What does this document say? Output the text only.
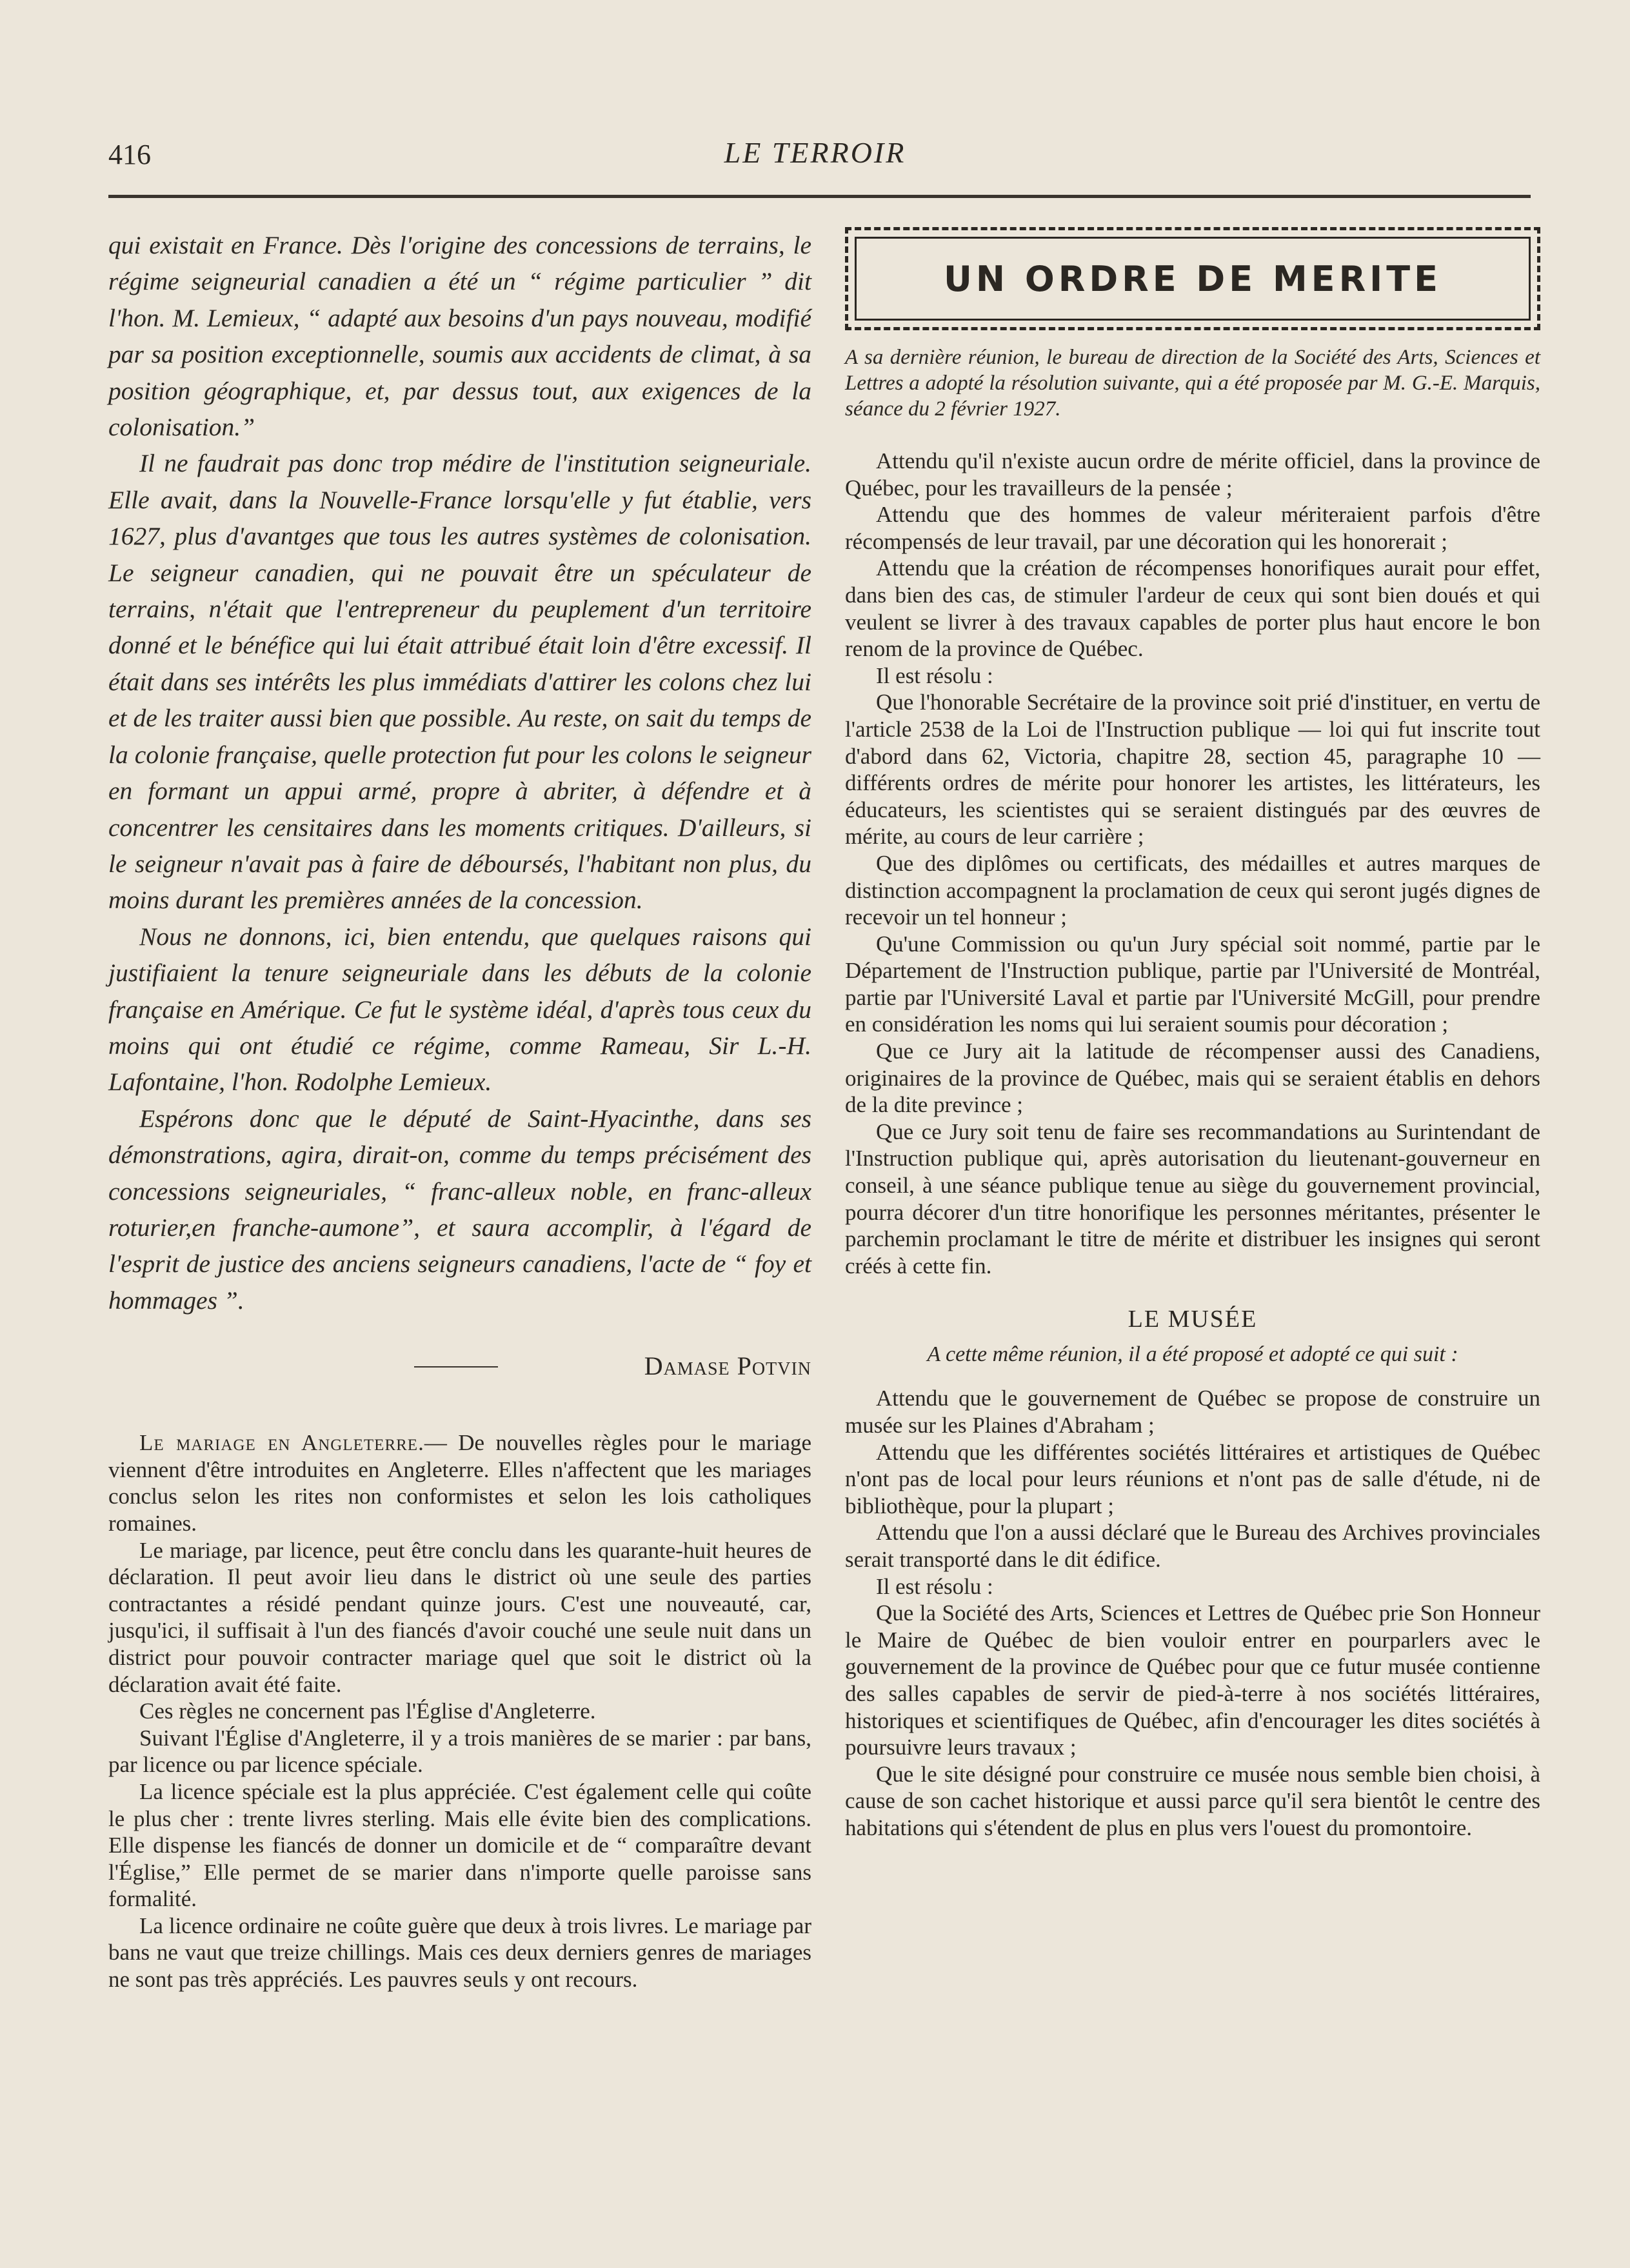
416	LE TERROIR

qui existait en France. Dès l'origine des concessions de terrains, le régime seigneurial canadien a été un “ régime particulier ” dit l'hon. M. Lemieux, “ adapté aux besoins d'un pays nouveau, modifié par sa position exceptionnelle, soumis aux accidents de climat, à sa position géographique, et, par dessus tout, aux exigences de la colonisation.”

Il ne faudrait pas donc trop médire de l'institution seigneuriale. Elle avait, dans la Nouvelle-France lorsqu'elle y fut établie, vers 1627, plus d'avantges que tous les autres systèmes de colonisation. Le seigneur canadien, qui ne pouvait être un spéculateur de terrains, n'était que l'entrepreneur du peuplement d'un territoire donné et le bénéfice qui lui était attribué était loin d'être excessif. Il était dans ses intérêts les plus immédiats d'attirer les colons chez lui et de les traiter aussi bien que possible. Au reste, on sait du temps de la colonie française, quelle protection fut pour les colons le seigneur en formant un appui armé, propre à abriter, à défendre et à concentrer les censitaires dans les moments critiques. D'ailleurs, si le seigneur n'avait pas à faire de déboursés, l'habitant non plus, du moins durant les premières années de la concession.

Nous ne donnons, ici, bien entendu, que quelques raisons qui justifiaient la tenure seigneuriale dans les débuts de la colonie française en Amérique. Ce fut le système idéal, d'après tous ceux du moins qui ont étudié ce régime, comme Rameau, Sir L.-H. Lafontaine, l'hon. Rodolphe Lemieux.

Espérons donc que le député de Saint-Hyacinthe, dans ses démonstrations, agira, dirait-on, comme du temps précisément des concessions seigneuriales, “ franc-alleux noble, en franc-alleux roturier,en franche-aumone”, et saura accomplir, à l'égard de l'esprit de justice des anciens seigneurs canadiens, l'acte de “ foy et hommages ”.

Damase Potvin

Le mariage en Angleterre.— De nouvelles règles pour le mariage viennent d'être introduites en Angleterre. Elles n'affectent que les mariages conclus selon les rites non conformistes et selon les lois catholiques romaines.

Le mariage, par licence, peut être conclu dans les quarante-huit heures de déclaration. Il peut avoir lieu dans le district où une seule des parties contractantes a résidé pendant quinze jours. C'est une nouveauté, car, jusqu'ici, il suffisait à l'un des fiancés d'avoir couché une seule nuit dans un district pour pouvoir contracter mariage quel que soit le district où la déclaration avait été faite.

Ces règles ne concernent pas l'Église d'Angleterre.

Suivant l'Église d'Angleterre, il y a trois manières de se marier : par bans, par licence ou par licence spéciale.

La licence spéciale est la plus appréciée. C'est également celle qui coûte le plus cher : trente livres sterling. Mais elle évite bien des complications. Elle dispense les fiancés de donner un domicile et de “ comparaître devant l'Église,” Elle permet de se marier dans n'importe quelle paroisse sans formalité.

La licence ordinaire ne coûte guère que deux à trois livres. Le mariage par bans ne vaut que treize chillings. Mais ces deux derniers genres de mariages ne sont pas très appréciés. Les pauvres seuls y ont recours.

UN ORDRE DE MERITE

A sa dernière réunion, le bureau de direction de la Société des Arts, Sciences et Lettres a adopté la résolution suivante, qui a été proposée par M. G.-E. Marquis, séance du 2 février 1927.

Attendu qu'il n'existe aucun ordre de mérite officiel, dans la province de Québec, pour les travailleurs de la pensée ;

Attendu que des hommes de valeur mériteraient parfois d'être récompensés de leur travail, par une décoration qui les honorerait ;

Attendu que la création de récompenses honorifiques aurait pour effet, dans bien des cas, de stimuler l'ardeur de ceux qui sont bien doués et qui veulent se livrer à des travaux capables de porter plus haut encore le bon renom de la province de Québec.

Il est résolu :

Que l'honorable Secrétaire de la province soit prié d'instituer, en vertu de l'article 2538 de la Loi de l'Instruction publique — loi qui fut inscrite tout d'abord dans 62, Victoria, chapitre 28, section 45, paragraphe 10 — différents ordres de mérite pour honorer les artistes, les littérateurs, les éducateurs, les scientistes qui se seraient distingués par des œuvres de mérite, au cours de leur carrière ;

Que des diplômes ou certificats, des médailles et autres marques de distinction accompagnent la proclamation de ceux qui seront jugés dignes de recevoir un tel honneur ;

Qu'une Commission ou qu'un Jury spécial soit nommé, partie par le Département de l'Instruction publique, partie par l'Université de Montréal, partie par l'Université Laval et partie par l'Université McGill, pour prendre en considération les noms qui lui seraient soumis pour décoration ;

Que ce Jury ait la latitude de récompenser aussi des Canadiens, originaires de la province de Québec, mais qui se seraient établis en dehors de la dite prevince ;

Que ce Jury soit tenu de faire ses recommandations au Surintendant de l'Instruction publique qui, après autorisation du lieutenant-gouverneur en conseil, à une séance publique tenue au siège du gouvernement provincial, pourra décorer d'un titre honorifique les personnes méritantes, présenter le parchemin proclamant le titre de mérite et distribuer les insignes qui seront créés à cette fin.

LE MUSÉE
A cette même réunion, il a été proposé et adopté ce qui suit :

Attendu que le gouvernement de Québec se propose de construire un musée sur les Plaines d'Abraham ;

Attendu que les différentes sociétés littéraires et artistiques de Québec n'ont pas de local pour leurs réunions et n'ont pas de salle d'étude, ni de bibliothèque, pour la plupart ;

Attendu que l'on a aussi déclaré que le Bureau des Archives provinciales serait transporté dans le dit édifice.

Il est résolu :

Que la Société des Arts, Sciences et Lettres de Québec prie Son Honneur le Maire de Québec de bien vouloir entrer en pourparlers avec le gouvernement de la province de Québec pour que ce futur musée contienne des salles capables de servir de pied-à-terre à nos sociétés littéraires, historiques et scientifiques de Québec, afin d'encourager les dites sociétés à poursuivre leurs travaux ;

Que le site désigné pour construire ce musée nous semble bien choisi, à cause de son cachet historique et aussi parce qu'il sera bientôt le centre des habitations qui s'étendent de plus en plus vers l'ouest du promontoire.
